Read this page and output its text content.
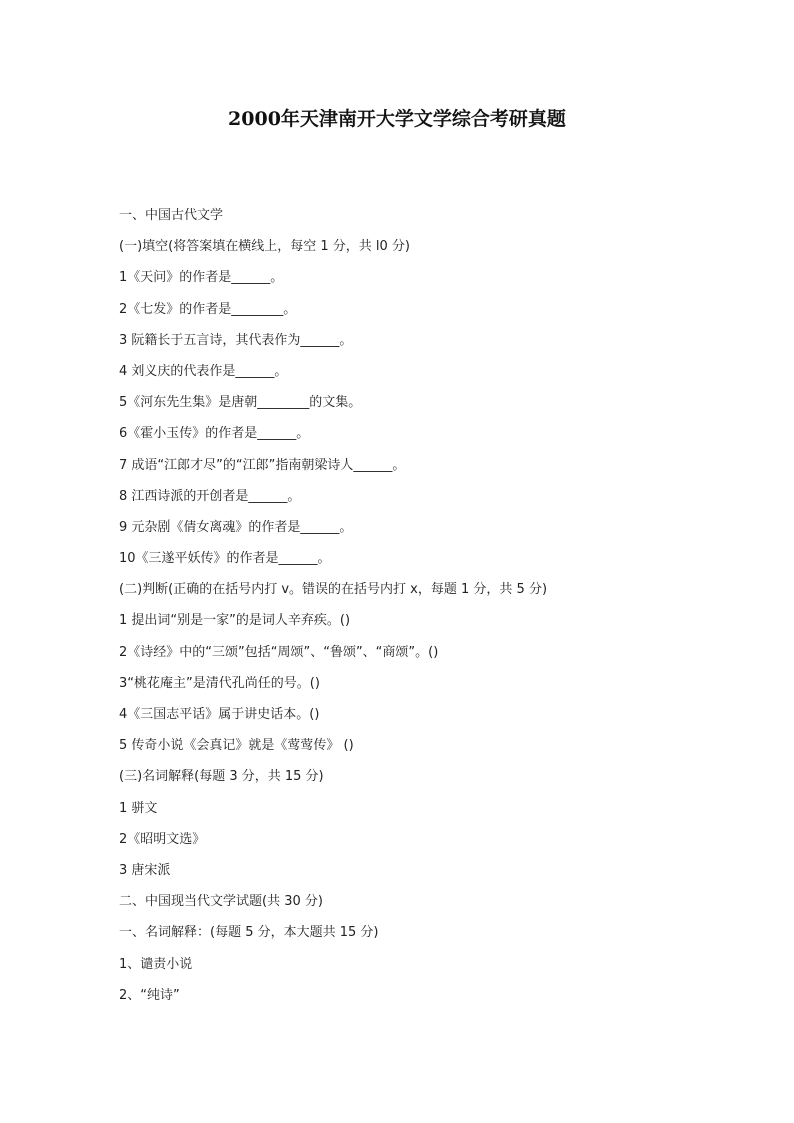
2000年天津南开大学文学综合考研真题
一、中国古代文学
(一)填空(将答案填在横线上，每空 1 分，共 l0 分)
1《天问》的作者是______。
2《七发》的作者是________。
3 阮籍长于五言诗，其代表作为______。
4 刘义庆的代表作是______。
5《河东先生集》是唐朝________的文集。
6《霍小玉传》的作者是______。
7 成语“江郎才尽”的“江郎”指南朝梁诗人______。
8 江西诗派的开创者是______。
9 元杂剧《倩女离魂》的作者是______。
10《三遂平妖传》的作者是______。
(二)判断(正确的在括号内打 v。错误的在括号内打 x，每题 1 分，共 5 分)
1 提出词“别是一家”的是词人辛弃疾。()
2《诗经》中的“三颂”包括“周颂”、“鲁颂”、“商颂”。()
3“桃花庵主”是清代孔尚任的号。()
4《三国志平话》属于讲史话本。()
5 传奇小说《会真记》就是《莺莺传》 ()
(三)名词解释(每题 3 分，共 15 分)
1 骈文
2《昭明文选》
3 唐宋派
二、中国现当代文学试题(共 30 分)
一、名词解释：(每题 5 分，本大题共 15 分)
1、谴责小说
2、“纯诗”
